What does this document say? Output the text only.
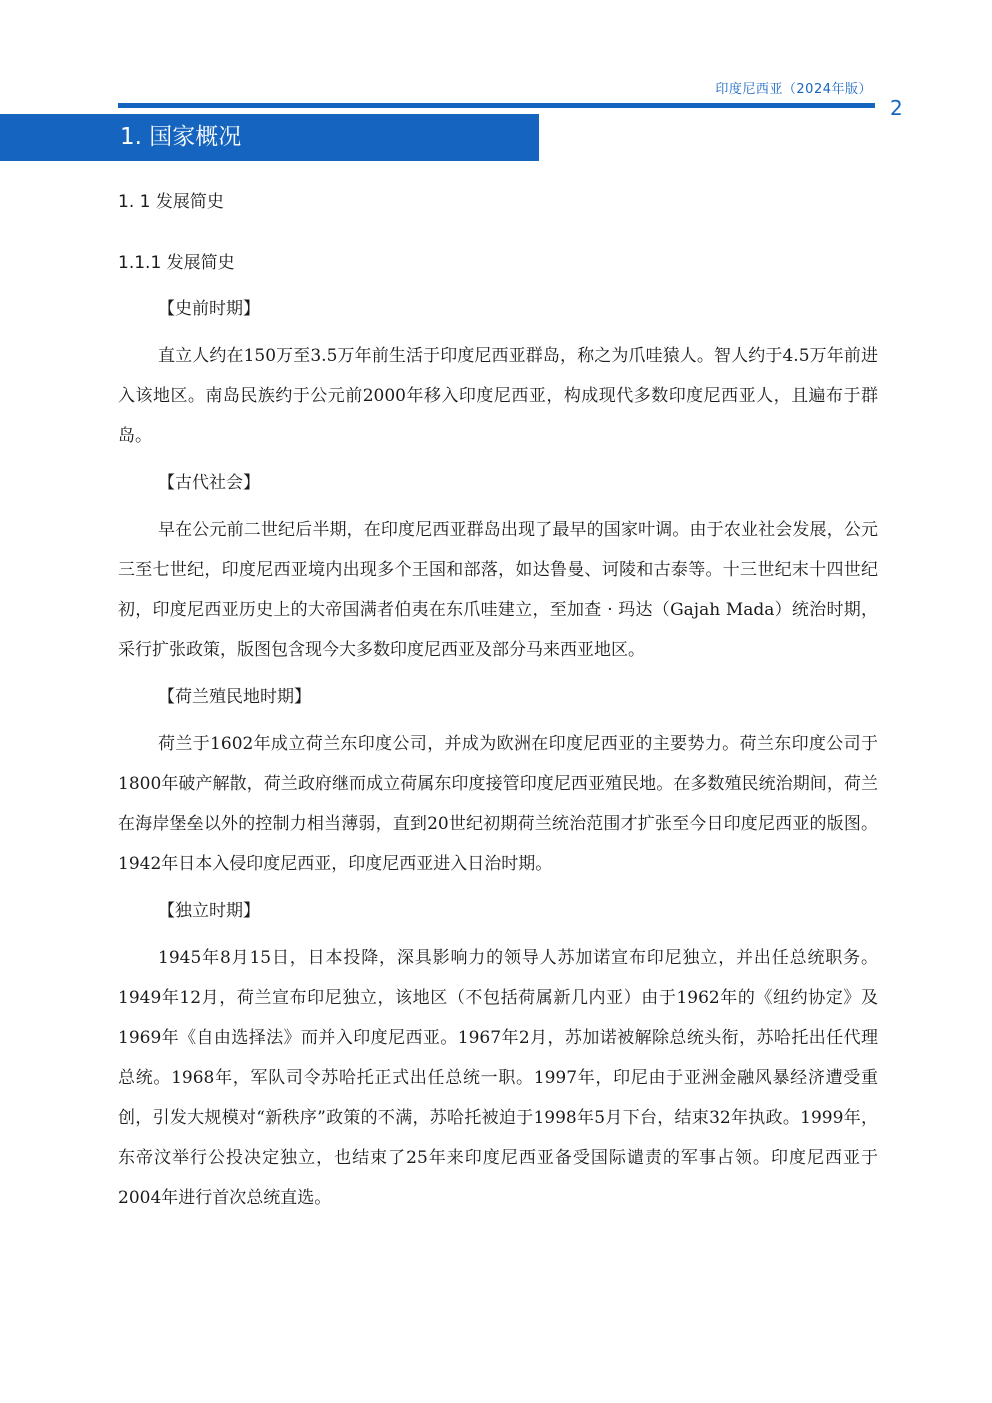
印度尼西亚（2024年版）
2
1. 国家概况
1. 1 发展简史
1.1.1 发展简史
【史前时期】

直立人约在150万至3.5万年前生活于印度尼西亚群岛，称之为爪哇猿人。智人约于4.5万年前进入该地区。南岛民族约于公元前2000年移入印度尼西亚，构成现代多数印度尼西亚人，且遍布于群岛。

【古代社会】

早在公元前二世纪后半期，在印度尼西亚群岛出现了最早的国家叶调。由于农业社会发展，公元三至七世纪，印度尼西亚境内出现多个王国和部落，如达鲁曼、诃陵和古泰等。十三世纪末十四世纪初，印度尼西亚历史上的大帝国满者伯夷在东爪哇建立，至加查 · 玛达（Gajah Mada）统治时期，采行扩张政策，版图包含现今大多数印度尼西亚及部分马来西亚地区。

【荷兰殖民地时期】

荷兰于1602年成立荷兰东印度公司，并成为欧洲在印度尼西亚的主要势力。荷兰东印度公司于1800年破产解散，荷兰政府继而成立荷属东印度接管印度尼西亚殖民地。在多数殖民统治期间，荷兰在海岸堡垒以外的控制力相当薄弱，直到20世纪初期荷兰统治范围才扩张至今日印度尼西亚的版图。1942年日本入侵印度尼西亚，印度尼西亚进入日治时期。

【独立时期】

1945年8月15日，日本投降，深具影响力的领导人苏加诺宣布印尼独立，并出任总统职务。1949年12月，荷兰宣布印尼独立，该地区（不包括荷属新几内亚）由于1962年的《纽约协定》及1969年《自由选择法》而并入印度尼西亚。1967年2月，苏加诺被解除总统头衔，苏哈托出任代理总统。1968年，军队司令苏哈托正式出任总统一职。1997年，印尼由于亚洲金融风暴经济遭受重创，引发大规模对“新秩序”政策的不满，苏哈托被迫于1998年5月下台，结束32年执政。1999年，东帝汶举行公投决定独立，也结束了25年来印度尼西亚备受国际谴责的军事占领。印度尼西亚于2004年进行首次总统直选。
